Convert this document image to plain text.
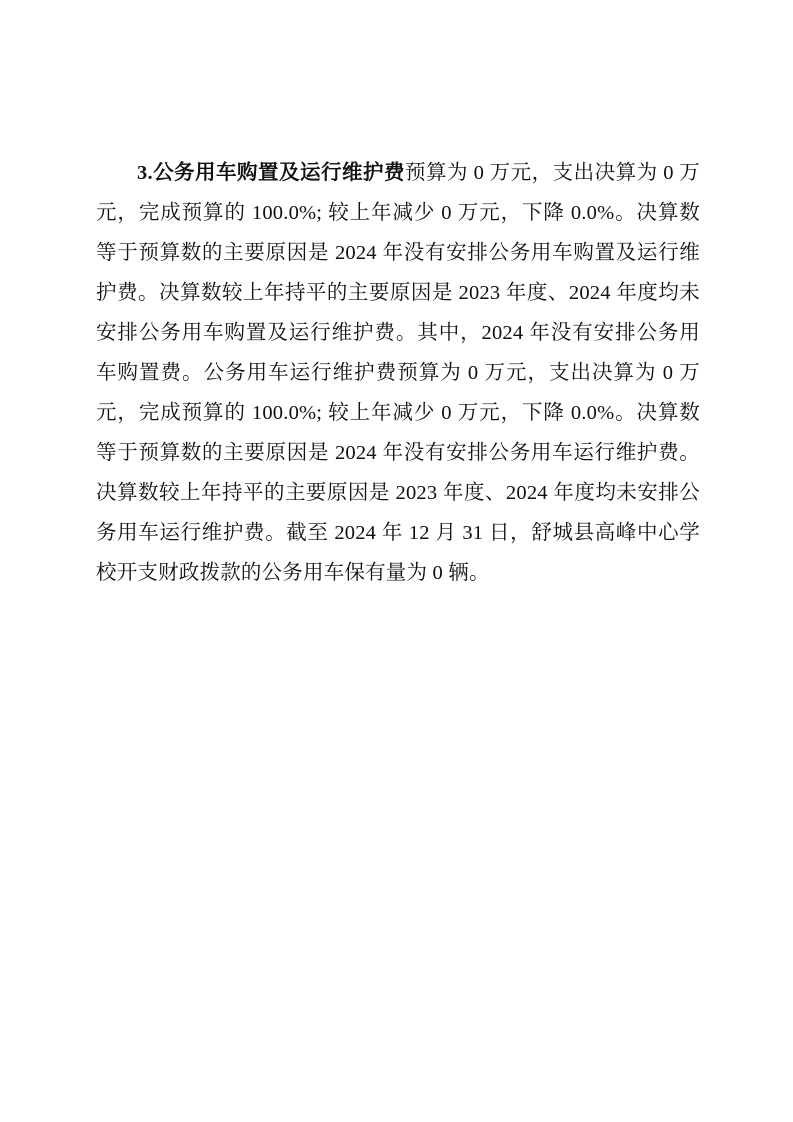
3.公务用车购置及运行维护费预算为 0 万元，支出决算为 0 万元，完成预算的 100.0%; 较上年减少 0 万元，下降 0.0%。决算数等于预算数的主要原因是 2024 年没有安排公务用车购置及运行维护费。决算数较上年持平的主要原因是 2023 年度、2024 年度均未安排公务用车购置及运行维护费。其中，2024 年没有安排公务用车购置费。公务用车运行维护费预算为 0 万元，支出决算为 0 万元，完成预算的 100.0%; 较上年减少 0 万元，下降 0.0%。决算数等于预算数的主要原因是 2024 年没有安排公务用车运行维护费。决算数较上年持平的主要原因是 2023 年度、2024 年度均未安排公务用车运行维护费。截至 2024 年 12 月 31 日，舒城县高峰中心学校开支财政拨款的公务用车保有量为 0 辆。
